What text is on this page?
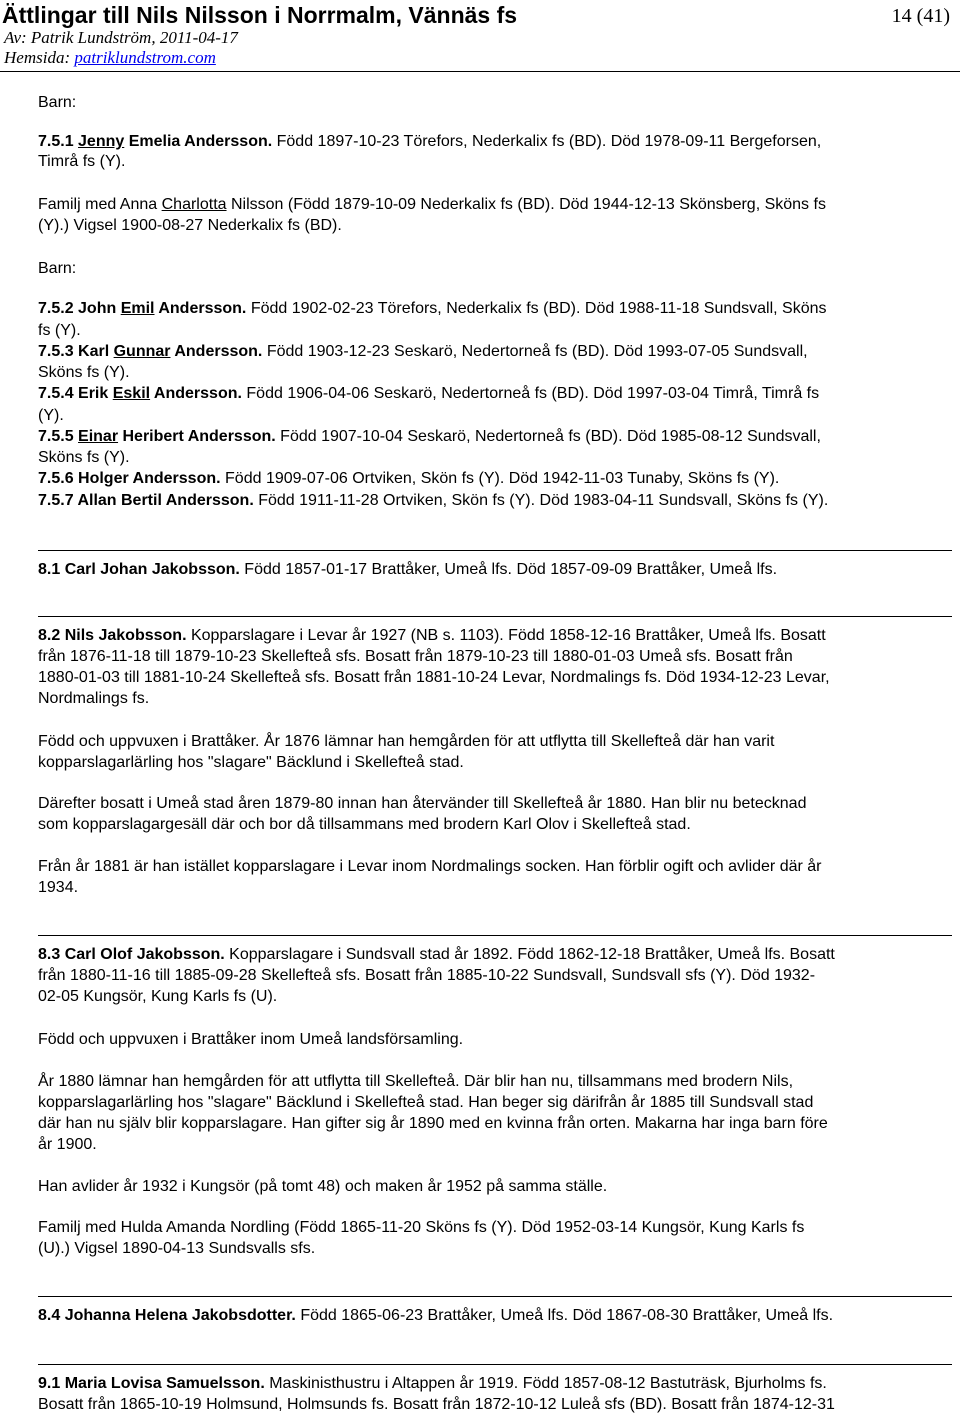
Ättlingar till Nils Nilsson i Norrmalm, Vännäs fs	14 (41)
Av: Patrik Lundström, 2011-04-17
Hemsida: patriklundstrom.com

Barn:

7.5.1 Jenny Emelia Andersson. Född 1897-10-23 Törefors, Nederkalix fs (BD). Död 1978-09-11 Bergeforsen,

Timrå fs (Y).

Familj med Anna Charlotta Nilsson (Född 1879-10-09 Nederkalix fs (BD). Död 1944-12-13 Skönsberg, Sköns fs

(Y).) Vigsel 1900-08-27 Nederkalix fs (BD).

Barn:

7.5.2 John Emil Andersson. Född 1902-02-23 Törefors, Nederkalix fs (BD). Död 1988-11-18 Sundsvall, Sköns

fs (Y).

7.5.3 Karl Gunnar Andersson. Född 1903-12-23 Seskarö, Nedertorneå fs (BD). Död 1993-07-05 Sundsvall,

Sköns fs (Y).

7.5.4 Erik Eskil Andersson. Född 1906-04-06 Seskarö, Nedertorneå fs (BD). Död 1997-03-04 Timrå, Timrå fs

(Y).

7.5.5 Einar Heribert Andersson. Född 1907-10-04 Seskarö, Nedertorneå fs (BD). Död 1985-08-12 Sundsvall,

Sköns fs (Y).

7.5.6 Holger Andersson. Född 1909-07-06 Ortviken, Skön fs (Y). Död 1942-11-03 Tunaby, Sköns fs (Y).

7.5.7 Allan Bertil Andersson. Född 1911-11-28 Ortviken, Skön fs (Y). Död 1983-04-11 Sundsvall, Sköns fs (Y).

8.1 Carl Johan Jakobsson. Född 1857-01-17 Brattåker, Umeå lfs. Död 1857-09-09 Brattåker, Umeå lfs.

8.2 Nils Jakobsson. Kopparslagare i Levar år 1927 (NB s. 1103). Född 1858-12-16 Brattåker, Umeå lfs. Bosatt

från 1876-11-18 till 1879-10-23 Skellefteå sfs. Bosatt från 1879-10-23 till 1880-01-03 Umeå sfs. Bosatt från

1880-01-03 till 1881-10-24 Skellefteå sfs. Bosatt från 1881-10-24 Levar, Nordmalings fs. Död 1934-12-23 Levar,

Nordmalings fs.

Född och uppvuxen i Brattåker. År 1876 lämnar han hemgården för att utflytta till Skellefteå där han varit

kopparslagarlärling hos "slagare" Bäcklund i Skellefteå stad.

Därefter bosatt i Umeå stad åren 1879-80 innan han återvänder till Skellefteå år 1880. Han blir nu betecknad

som kopparslagargesäll där och bor då tillsammans med brodern Karl Olov i Skellefteå stad.

Från år 1881 är han istället kopparslagare i Levar inom Nordmalings socken. Han förblir ogift och avlider där år

1934.

8.3 Carl Olof Jakobsson. Kopparslagare i Sundsvall stad år 1892. Född 1862-12-18 Brattåker, Umeå lfs. Bosatt

från 1880-11-16 till 1885-09-28 Skellefteå sfs. Bosatt från 1885-10-22 Sundsvall, Sundsvall sfs (Y). Död 1932-

02-05 Kungsör, Kung Karls fs (U).

Född och uppvuxen i Brattåker inom Umeå landsförsamling.

År 1880 lämnar han hemgården för att utflytta till Skellefteå. Där blir han nu, tillsammans med brodern Nils,

kopparslagarlärling hos "slagare" Bäcklund i Skellefteå stad. Han beger sig därifrån år 1885 till Sundsvall stad

där han nu själv blir kopparslagare. Han gifter sig år 1890 med en kvinna från orten. Makarna har inga barn före

år 1900.

Han avlider år 1932 i Kungsör (på tomt 48) och maken år 1952 på samma ställe.

Familj med Hulda Amanda Nordling (Född 1865-11-20 Sköns fs (Y). Död 1952-03-14 Kungsör, Kung Karls fs

(U).) Vigsel 1890-04-13 Sundsvalls sfs.

8.4 Johanna Helena Jakobsdotter. Född 1865-06-23 Brattåker, Umeå lfs. Död 1867-08-30 Brattåker, Umeå lfs.

9.1 Maria Lovisa Samuelsson. Maskinisthustru i Altappen år 1919. Född 1857-08-12 Bastuträsk, Bjurholms fs.

Bosatt från 1865-10-19 Holmsund, Holmsunds fs. Bosatt från 1872-10-12 Luleå sfs (BD). Bosatt från 1874-12-31
